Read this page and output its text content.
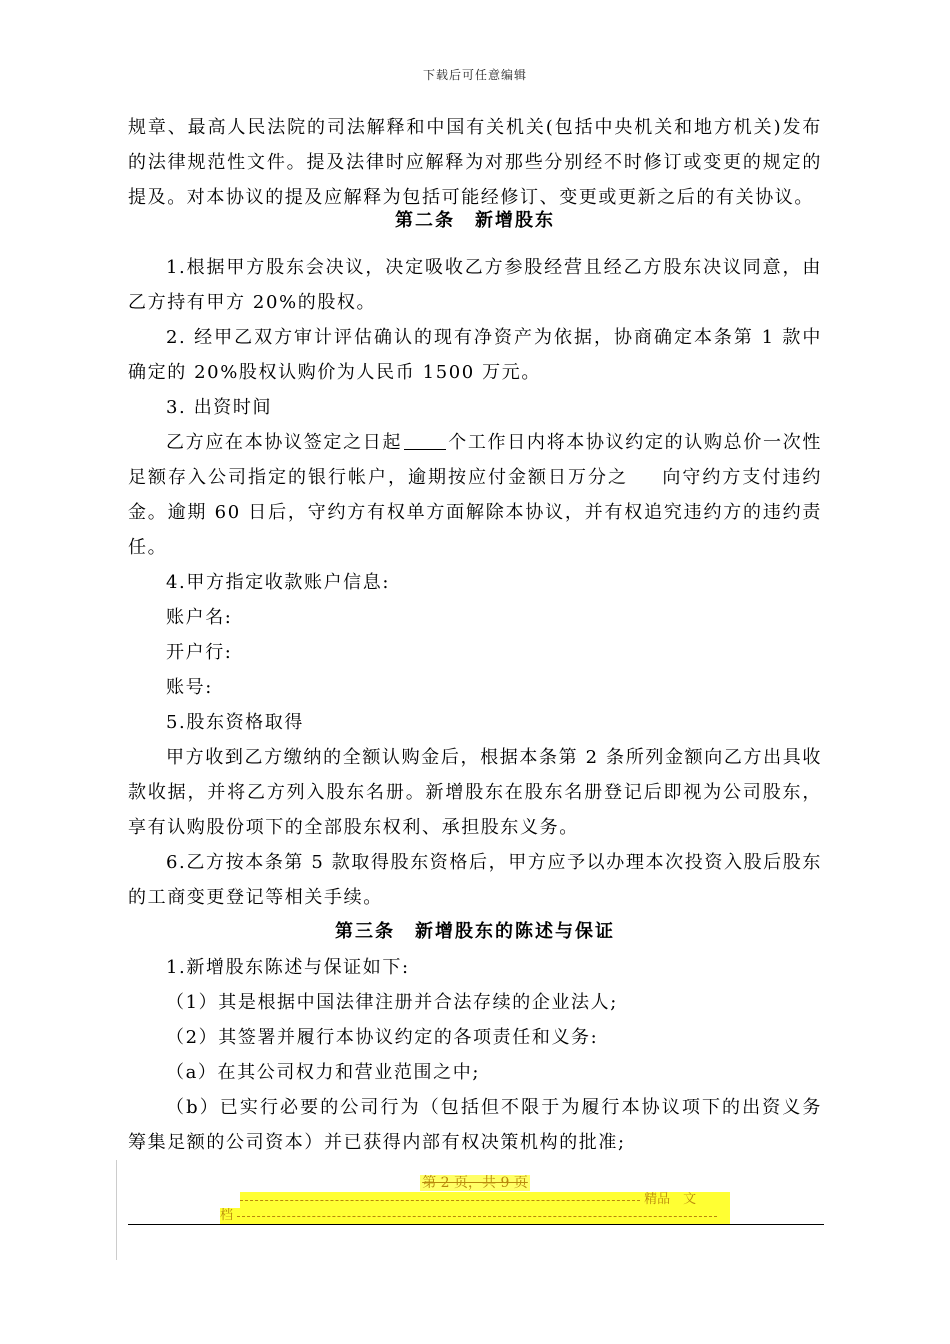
下载后可任意编辑
规章、最高人民法院的司法解释和中国有关机关(包括中央机关和地方机关)发布
的法律规范性文件。提及法律时应解释为对那些分别经不时修订或变更的规定的
提及。对本协议的提及应解释为包括可能经修订、变更或更新之后的有关协议。
第二条　新增股东
1.根据甲方股东会决议，决定吸收乙方参股经营且经乙方股东决议同意，由
乙方持有甲方 20%的股权。
2. 经甲乙双方审计评估确认的现有净资产为依据，协商确定本条第 1 款中
确定的 20%股权认购价为人民币 1500 万元。
3. 出资时间
乙方应在本协议签定之日起	个工作日内将本协议约定的认购总价一次性
足额存入公司指定的银行帐户，逾期按应付金额日万分之 向守约方支付违约
金。逾期 60 日后，守约方有权单方面解除本协议，并有权追究违约方的违约责
任。
4.甲方指定收款账户信息:
账户名:
开户行:
账号:
5.股东资格取得
甲方收到乙方缴纳的全额认购金后，根据本条第 2 条所列金额向乙方出具收
款收据，并将乙方列入股东名册。新增股东在股东名册登记后即视为公司股东，
享有认购股份项下的全部股东权利、承担股东义务。
6.乙方按本条第 5 款取得股东资格后，甲方应予以办理本次投资入股后股东
的工商变更登记等相关手续。
第三条　新增股东的陈述与保证
1.新增股东陈述与保证如下:
（1）其是根据中国法律注册并合法存续的企业法人;
（2）其签署并履行本协议约定的各项责任和义务:
（a）在其公司权力和营业范围之中;
（b）已实行必要的公司行为（包括但不限于为履行本协议项下的出资义务
筹集足额的公司资本）并已获得内部有权决策机构的批准;
第 2 页，共 9 页
精品　文
档
